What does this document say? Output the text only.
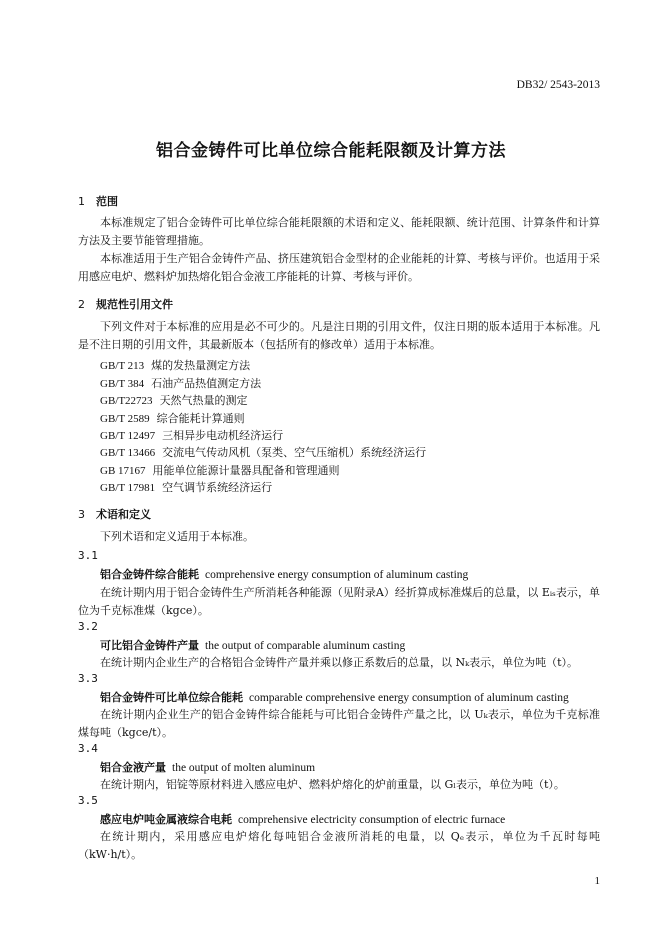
DB32/ 2543-2013
铝合金铸件可比单位综合能耗限额及计算方法
1 范围
本标准规定了铝合金铸件可比单位综合能耗限额的术语和定义、能耗限额、统计范围、计算条件和计算方法及主要节能管理措施。
本标准适用于生产铝合金铸件产品、挤压建筑铝合金型材的企业能耗的计算、考核与评价。也适用于采用感应电炉、燃料炉加热熔化铝合金液工序能耗的计算、考核与评价。
2 规范性引用文件
下列文件对于本标准的应用是必不可少的。凡是注日期的引用文件，仅注日期的版本适用于本标准。凡是不注日期的引用文件，其最新版本（包括所有的修改单）适用于本标准。
GB/T 213 煤的发热量测定方法
GB/T 384 石油产品热值测定方法
GB/T22723 天然气热量的测定
GB/T 2589 综合能耗计算通则
GB/T 12497 三相异步电动机经济运行
GB/T 13466 交流电气传动风机（泵类、空气压缩机）系统经济运行
GB 17167 用能单位能源计量器具配备和管理通则
GB/T 17981 空气调节系统经济运行
3 术语和定义
下列术语和定义适用于本标准。
3.1
铝合金铸件综合能耗 comprehensive energy consumption of aluminum casting
在统计期内用于铝合金铸件生产所消耗各种能源（见附录A）经折算成标准煤后的总量，以 Eᵢₛ表示，单位为千克标准煤（kgce）。
3.2
可比铝合金铸件产量 the output of comparable aluminum casting
在统计期内企业生产的合格铝合金铸件产量并乘以修正系数后的总量，以 Nₖ表示，单位为吨（t）。
3.3
铝合金铸件可比单位综合能耗 comparable comprehensive energy consumption of aluminum casting
在统计期内企业生产的铝合金铸件综合能耗与可比铝合金铸件产量之比，以 Uₖ表示，单位为千克标准煤每吨（kgce/t）。
3.4
铝合金液产量 the output of molten aluminum
在统计期内，铝锭等原材料进入感应电炉、燃料炉熔化的炉前重量，以 Gₗ表示，单位为吨（t）。
3.5
感应电炉吨金属液综合电耗 comprehensive electricity consumption of electric furnace
在统计期内，采用感应电炉熔化每吨铝合金液所消耗的电量，以 Qₑ表示，单位为千瓦时每吨（kW·h/t）。
1
